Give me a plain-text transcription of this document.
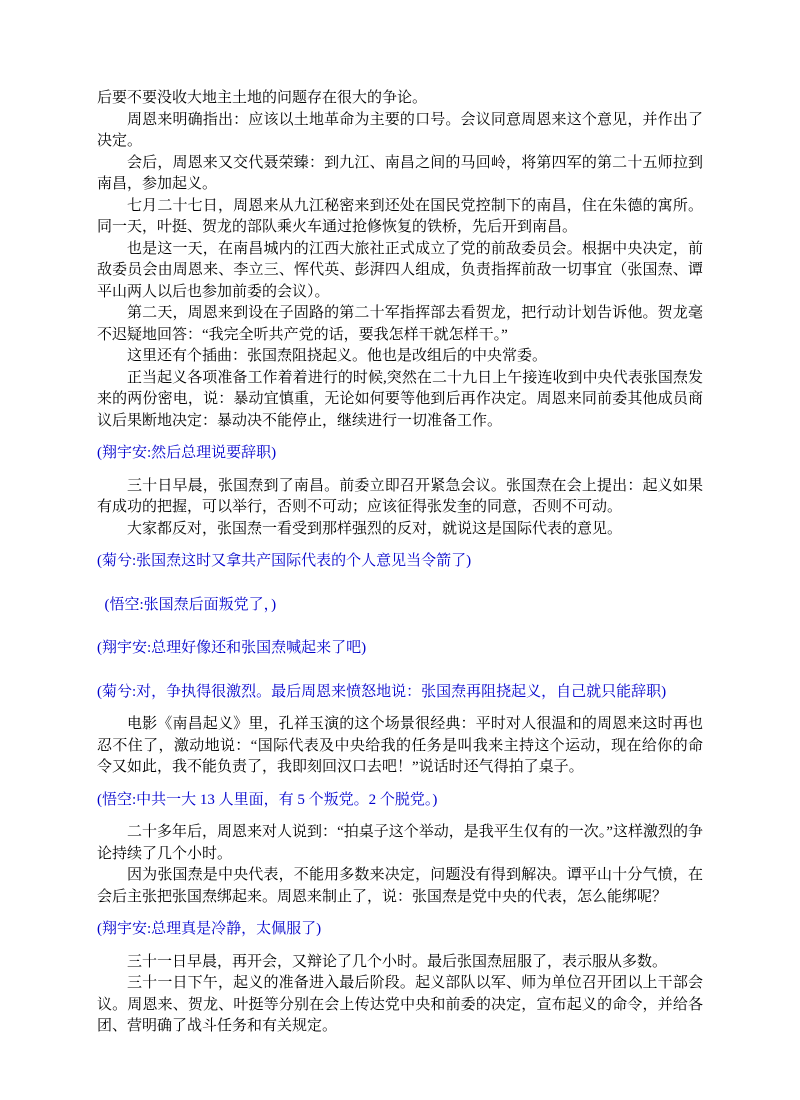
后要不要没收大地主土地的问题存在很大的争论。

周恩来明确指出：应该以土地革命为主要的口号。会议同意周恩来这个意见，并作出了决定。

会后，周恩来又交代聂荣臻：到九江、南昌之间的马回岭，将第四军的第二十五师拉到南昌，参加起义。

七月二十七日，周恩来从九江秘密来到还处在国民党控制下的南昌，住在朱德的寓所。同一天，叶挺、贺龙的部队乘火车通过抢修恢复的铁桥，先后开到南昌。

也是这一天，在南昌城内的江西大旅社正式成立了党的前敌委员会。根据中央决定，前敌委员会由周恩来、李立三、恽代英、彭湃四人组成，负责指挥前敌一切事宜（张国焘、谭平山两人以后也参加前委的会议）。

第二天，周恩来到设在子固路的第二十军指挥部去看贺龙，把行动计划告诉他。贺龙毫不迟疑地回答：“我完全听共产党的话，要我怎样干就怎样干。”

这里还有个插曲：张国焘阻挠起义。他也是改组后的中央常委。

正当起义各项准备工作着着进行的时候,突然在二十九日上午接连收到中央代表张国焘发来的两份密电，说：暴动宜慎重，无论如何要等他到后再作决定。周恩来同前委其他成员商议后果断地决定：暴动决不能停止，继续进行一切准备工作。

(翔宇安:然后总理说要辞职)

三十日早晨，张国焘到了南昌。前委立即召开紧急会议。张国焘在会上提出：起义如果有成功的把握，可以举行，否则不可动；应该征得张发奎的同意，否则不可动。

大家都反对，张国焘一看受到那样强烈的反对，就说这是国际代表的意见。

(菊兮:张国焘这时又拿共产国际代表的个人意见当令箭了)

 (悟空:张国焘后面叛党了，)

(翔宇安:总理好像还和张国焘喊起来了吧)

(菊兮:对，争执得很激烈。最后周恩来愤怒地说：张国焘再阻挠起义，自己就只能辞职)

电影《南昌起义》里，孔祥玉演的这个场景很经典：平时对人很温和的周恩来这时再也忍不住了，激动地说：“国际代表及中央给我的任务是叫我来主持这个运动，现在给你的命令又如此，我不能负责了，我即刻回汉口去吧！”说话时还气得拍了桌子。

(悟空:中共一大 13 人里面，有 5 个叛党。2 个脱党。)

二十多年后，周恩来对人说到：“拍桌子这个举动，是我平生仅有的一次。”这样激烈的争论持续了几个小时。

因为张国焘是中央代表，不能用多数来决定，问题没有得到解决。谭平山十分气愤，在会后主张把张国焘绑起来。周恩来制止了，说：张国焘是党中央的代表，怎么能绑呢？

(翔宇安:总理真是冷静，太佩服了)

三十一日早晨，再开会，又辩论了几个小时。最后张国焘屈服了，表示服从多数。

三十一日下午，起义的准备进入最后阶段。起义部队以军、师为单位召开团以上干部会议。周恩来、贺龙、叶挺等分别在会上传达党中央和前委的决定，宣布起义的命令，并给各团、营明确了战斗任务和有关规定。
